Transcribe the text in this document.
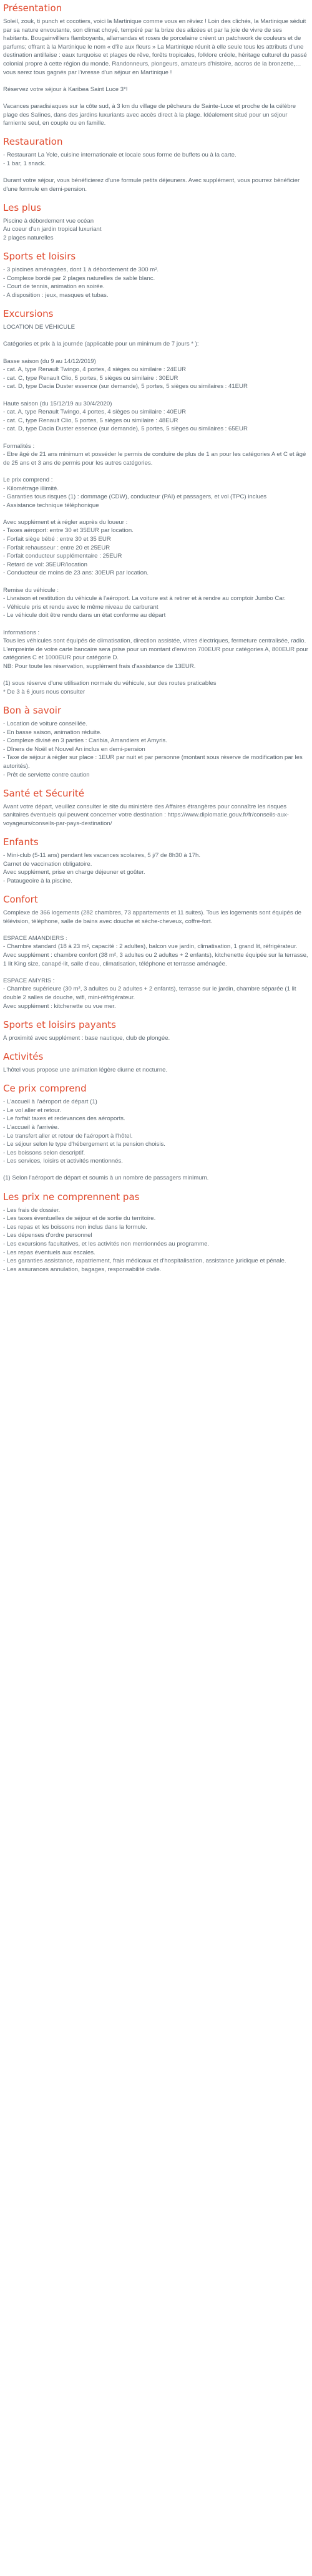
Présentation
Soleil, zouk, ti punch et cocotiers, voici la Martinique comme vous en rêviez ! Loin des clichés, la Martinique séduit par sa nature envoutante, son climat choyé, tempéré par la brize des alizées et par la joie de vivre de ses habitants. Bougainvilliers flamboyants, allamandas et roses de porcelaine créent un patchwork de couleurs et de parfums; offrant à la Martinique le nom « d'île aux fleurs » La Martinique réunit à elle seule tous les attributs d'une destination antillaise : eaux turquoise et plages de rêve, forêts tropicales, folklore créole, héritage culturel du passé colonial propre à cette région du monde. Randonneurs, plongeurs, amateurs d'histoire, accros de la bronzette,… vous serez tous gagnés par l'ivresse d'un séjour en Martinique !
Réservez votre séjour à Karibea Saint Luce 3*!
Vacances paradisiaques sur la côte sud, à 3 km du village de pêcheurs de Sainte-Luce et proche de la célèbre plage des Salines, dans des jardins luxuriants avec accès direct à la plage. Idéalement situé pour un séjour farniente seul, en couple ou en famille.
Restauration
- Restaurant La Yole, cuisine internationale et locale sous forme de buffets ou à la carte.
- 1 bar, 1 snack.
Durant votre séjour, vous bénéficierez d'une formule petits déjeuners. Avec supplément, vous pourrez bénéficier d'une formule en demi-pension.
Les plus
Piscine à débordement vue océan
Au coeur d'un jardin tropical luxuriant
2 plages naturelles
Sports et loisirs
- 3 piscines aménagées, dont 1 à débordement de 300 m².
- Complexe bordé par 2 plages naturelles de sable blanc.
- Court de tennis, animation en soirée.
- A disposition : jeux, masques et tubas.
Excursions
LOCATION DE VÉHICULE
Catégories et prix à la journée (applicable pour un minimum de 7 jours * ):
Basse saison (du 9 au 14/12/2019)
- cat. A, type Renault Twingo, 4 portes, 4 sièges ou similaire : 24EUR
- cat. C, type Renault Clio, 5 portes, 5 sièges ou similaire : 30EUR
- cat. D, type Dacia Duster essence (sur demande), 5 portes, 5 sièges ou similaires : 41EUR
Haute saison (du 15/12/19 au 30/4/2020)
- cat. A, type Renault Twingo, 4 portes, 4 sièges ou similaire : 40EUR
- cat. C, type Renault Clio, 5 portes, 5 sièges ou similaire : 48EUR
- cat. D, type Dacia Duster essence (sur demande), 5 portes, 5 sièges ou similaires : 65EUR
Formalités :
- Etre âgé de 21 ans minimum et posséder le permis de conduire de plus de 1 an pour les catégories A et C et âgé de 25 ans et 3 ans de permis pour les autres catégories.
Le prix comprend :
- Kilométrage illimité.
- Garanties tous risques (1) : dommage (CDW), conducteur (PAI) et passagers, et vol (TPC) inclues
- Assistance technique téléphonique
Avec supplément et à régler auprès du loueur :
- Taxes aéroport: entre 30 et 35EUR par location.
- Forfait siège bébé : entre 30 et 35 EUR
- Forfait rehausseur : entre 20 et 25EUR
- Forfait conducteur supplémentaire : 25EUR
- Retard de vol: 35EUR/location
- Conducteur de moins de 23 ans: 30EUR par location.
Remise du véhicule :
- Livraison et restitution du véhicule à l'aéroport. La voiture est à retirer et à rendre au comptoir Jumbo Car.
- Véhicule pris et rendu avec le même niveau de carburant
- Le véhicule doit être rendu dans un état conforme au départ
Informations :
Tous les véhicules sont équipés de climatisation, direction assistée, vitres électriques, fermeture centralisée, radio.
L'empreinte de votre carte bancaire sera prise pour un montant d'environ 700EUR pour catégories A, 800EUR pour catégories C et 1000EUR pour catégorie D.
NB: Pour toute les réservation, supplément frais d'assistance de 13EUR.
(1) sous réserve d'une utilisation normale du véhicule, sur des routes praticables
* De 3 à 6 jours nous consulter
Bon à savoir
- Location de voiture conseillée.
- En basse saison, animation réduite.
- Complexe divisé en 3 parties : Caribia, Amandiers et Amyris.
- Dîners de Noël et Nouvel An inclus en demi-pension
- Taxe de séjour à régler sur place : 1EUR par nuit et par personne (montant sous réserve de modification par les autorités).
- Prêt de serviette contre caution
Santé et Sécurité
Avant votre départ, veuillez consulter le site du ministère des Affaires étrangères pour connaître les risques sanitaires éventuels qui peuvent concerner votre destination : https://www.diplomatie.gouv.fr/fr/conseils-aux-voyageurs/conseils-par-pays-destination/
Enfants
- Mini-club (5-11 ans) pendant les vacances scolaires, 5 j/7 de 8h30 à 17h.
Carnet de vaccination obligatoire.
Avec supplément, prise en charge déjeuner et goûter.
- Pataugeoire à la piscine.
Confort
Complexe de 366 logements (282 chambres, 73 appartements et 11 suites). Tous les logements sont équipés de télévision, téléphone, salle de bains avec douche et sèche-cheveux, coffre-fort.
ESPACE AMANDIERS :
- Chambre standard (18 à 23 m², capacité : 2 adultes), balcon vue jardin, climatisation, 1 grand lit, réfrigérateur.
Avec supplément : chambre confort (38 m², 3 adultes ou 2 adultes + 2 enfants), kitchenette équipée sur la terrasse, 1 lit King size, canapé-lit, salle d'eau, climatisation, téléphone et terrasse aménagée.
ESPACE AMYRIS :
- Chambre supérieure (30 m², 3 adultes ou 2 adultes + 2 enfants), terrasse sur le jardin, chambre séparée (1 lit double 2 salles de douche, wifi, mini-réfrigérateur.
Avec supplément : kitchenette ou vue mer.
Sports et loisirs payants
À proximité avec supplément : base nautique, club de plongée.
Activités
L'hôtel vous propose une animation légère diurne et nocturne.
Ce prix comprend
- L'accueil à l'aéroport de départ (1)
- Le vol aller et retour.
- Le forfait taxes et redevances des aéroports.
- L'accueil à l'arrivée.
- Le transfert aller et retour de l'aéroport à l'hôtel.
- Le séjour selon le type d'hébergement et la pension choisis.
- Les boissons selon descriptif.
- Les services, loisirs et activités mentionnés.
(1) Selon l'aéroport de départ et soumis à un nombre de passagers minimum.
Les prix ne comprennent pas
- Les frais de dossier.
- Les taxes éventuelles de séjour et de sortie du territoire.
- Les repas et les boissons non inclus dans la formule.
- Les dépenses d'ordre personnel
- Les excursions facultatives, et les activités non mentionnées au programme.
- Les repas éventuels aux escales.
- Les garanties assistance, rapatriement, frais médicaux et d'hospitalisation, assistance juridique et pénale.
- Les assurances annulation, bagages, responsabilité civile.
